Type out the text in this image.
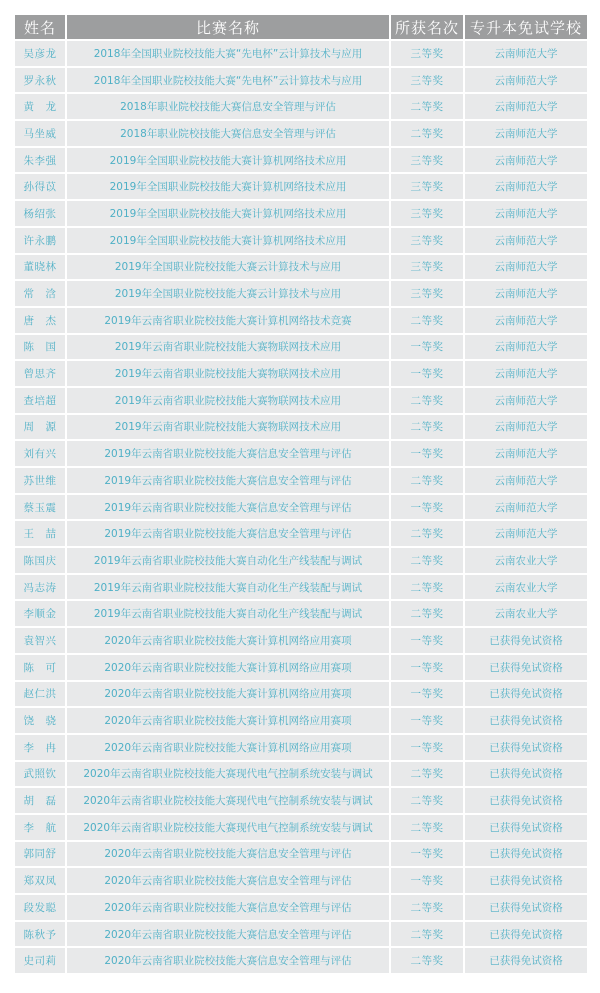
姓名	比赛名称	所获名次	专升本免试学校
吴彦龙	2018年全国职业院校技能大赛“先电杯”云计算技术与应用	三等奖	云南师范大学
罗永秋	2018年全国职业院校技能大赛“先电杯”云计算技术与应用	三等奖	云南师范大学
黄　龙	2018年职业院校技能大赛信息安全管理与评估	二等奖	云南师范大学
马坐威	2018年职业院校技能大赛信息安全管理与评估	二等奖	云南师范大学
朱李强	2019年全国职业院校技能大赛计算机网络技术应用	三等奖	云南师范大学
孙得苡	2019年全国职业院校技能大赛计算机网络技术应用	三等奖	云南师范大学
杨绍张	2019年全国职业院校技能大赛计算机网络技术应用	三等奖	云南师范大学
许永鹏	2019年全国职业院校技能大赛计算机网络技术应用	三等奖	云南师范大学
董晓林	2019年全国职业院校技能大赛云计算技术与应用	三等奖	云南师范大学
常　浛	2019年全国职业院校技能大赛云计算技术与应用	三等奖	云南师范大学
唐　杰	2019年云南省职业院校技能大赛计算机网络技术竞赛	二等奖	云南师范大学
陈　国	2019年云南省职业院校技能大赛物联网技术应用	一等奖	云南师范大学
曾思齐	2019年云南省职业院校技能大赛物联网技术应用	一等奖	云南师范大学
查培超	2019年云南省职业院校技能大赛物联网技术应用	二等奖	云南师范大学
周　源	2019年云南省职业院校技能大赛物联网技术应用	二等奖	云南师范大学
刘有兴	2019年云南省职业院校技能大赛信息安全管理与评估	一等奖	云南师范大学
苏世维	2019年云南省职业院校技能大赛信息安全管理与评估	二等奖	云南师范大学
蔡玉震	2019年云南省职业院校技能大赛信息安全管理与评估	一等奖	云南师范大学
王　喆	2019年云南省职业院校技能大赛信息安全管理与评估	二等奖	云南师范大学
陈国庆	2019年云南省职业院校技能大赛自动化生产线装配与调试	二等奖	云南农业大学
冯志涛	2019年云南省职业院校技能大赛自动化生产线装配与调试	二等奖	云南农业大学
李顺金	2019年云南省职业院校技能大赛自动化生产线装配与调试	二等奖	云南农业大学
袁智兴	2020年云南省职业院校技能大赛计算机网络应用赛项	一等奖	已获得免试资格
陈　可	2020年云南省职业院校技能大赛计算机网络应用赛项	一等奖	已获得免试资格
赵仁洪	2020年云南省职业院校技能大赛计算机网络应用赛项	一等奖	已获得免试资格
饶　骁	2020年云南省职业院校技能大赛计算机网络应用赛项	一等奖	已获得免试资格
李　冉	2020年云南省职业院校技能大赛计算机网络应用赛项	一等奖	已获得免试资格
武照钦	2020年云南省职业院校技能大赛现代电气控制系统安装与调试	二等奖	已获得免试资格
胡　磊	2020年云南省职业院校技能大赛现代电气控制系统安装与调试	二等奖	已获得免试资格
李　航	2020年云南省职业院校技能大赛现代电气控制系统安装与调试	二等奖	已获得免试资格
郭同舒	2020年云南省职业院校技能大赛信息安全管理与评估	一等奖	已获得免试资格
郑双凤	2020年云南省职业院校技能大赛信息安全管理与评估	一等奖	已获得免试资格
段发聪	2020年云南省职业院校技能大赛信息安全管理与评估	二等奖	已获得免试资格
陈秋予	2020年云南省职业院校技能大赛信息安全管理与评估	二等奖	已获得免试资格
史司莉	2020年云南省职业院校技能大赛信息安全管理与评估	二等奖	已获得免试资格
